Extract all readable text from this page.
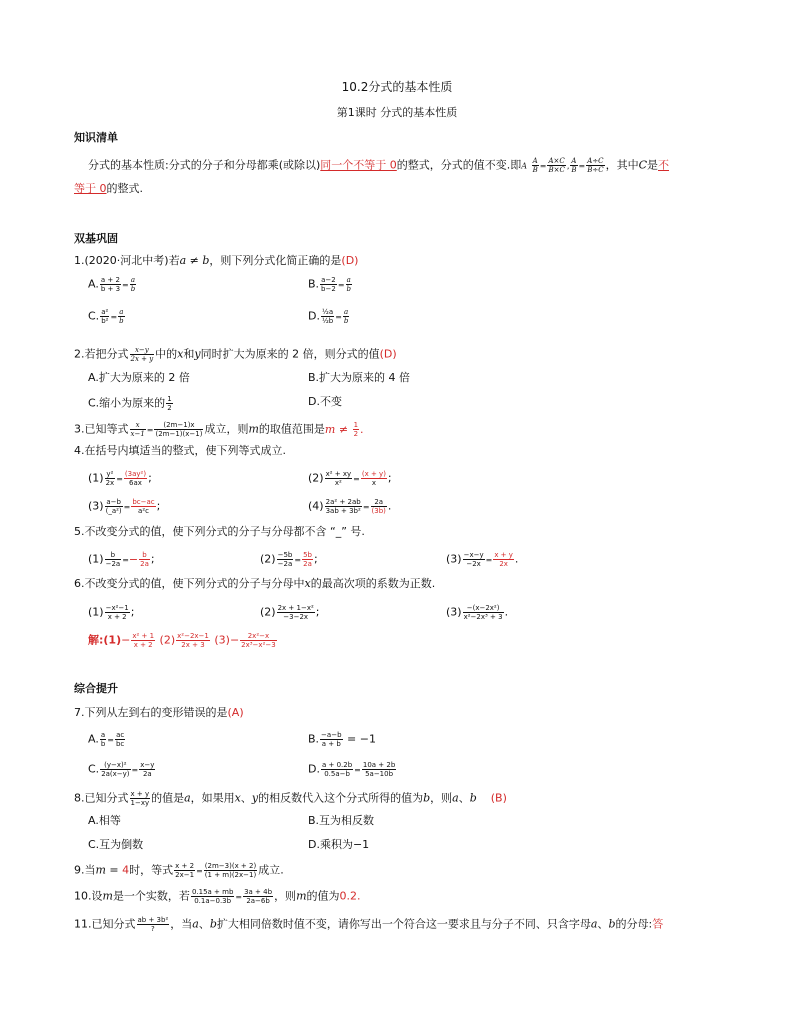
10.2分式的基本性质
第1课时 分式的基本性质
知识清单
分式的基本性质:分式的分子和分母都乘(或除以)同一个不等于 0的整式，分式的值不变.即A $\frac{A}{B} = \frac{A\times C}{B\times C}$ , $\frac{A}{B} = \frac{A\div C}{B\div C}$ ，其中C是不
等于 0的整式.
双基巩固
1.(2020·河北中考)若a ≠ b，则下列分式化简正确的是(D)
A. $\frac{a + 2}{b + 3} = \frac{a}{b}$	B. $\frac{a-2}{b-2} = \frac{a}{b}$
C. $\frac{\text{a²}}{\text{b²}} = \frac{a}{b}$	D. $\frac{\text{½a}}{\text{½b}} = \frac{a}{b}$
2.若把分式 $\frac{x-y}{2x + y}$ 中的x和y同时扩大为原来的 2 倍，则分式的值(D)
A.扩大为原来的 2 倍	B.扩大为原来的 4 倍
C.缩小为原来的 $\frac{1}{2}$	D.不变
3.已知等式 $\frac{x}{x-1} = \frac{(2m-1)x}{(2m-1)(x-1)}$ 成立，则m的取值范围是$m \ne \frac{1}{2}$ .
4.在括号内填适当的整式，使下列等式成立.
$(1) \frac{\text{y²}}{2x} = \frac{\text{(3ay²)}}{6ax}$ ;	$(2) \frac{\text{x² + xy}}{\text{x²}} = \frac{(x + y)}{x}$ ;
$(3) \frac{a-b}{\text{(\_a²)}} = \frac{bc-ac}{\text{a²c}}$ ;	$(4) \frac{\text{2a² + 2ab}}{\text{3ab + 3b²}} = \frac{2a}{(3b)}$ .
5.不改变分式的值，使下列分式的分子与分母都不含 “_” 号.
$(1) \frac{b}{-2a} =- \frac{b}{2a}$ ;	$(2) \frac{-5b}{-2a} = \frac{5b}{2a}$ ;	$(3) \frac{-x-y}{-2x} = \frac{x + y}{2x}$ .
6.不改变分式的值，使下列分式的分子与分母中x的最高次项的系数为正数.
$(1) \frac{\text{−x²−1}}{x + 2}$ ;	$(2) \frac{\text{2x + 1−x²}}{-3-2x}$ ;	$(3) \frac{\text{−(x−2x²)}}{\text{x²−2x³ + 3}}$ .
解:(1)− $\frac{\text{x² + 1}}{x + 2} (2) \frac{\text{x²−2x−1}}{2x + 3} (3)- \frac{\text{2x²−x}}{\text{2x³−x²−3}}$
综合提升
7.下列从左到右的变形错误的是(A)
A. $\frac{a}{b} = \frac{ac}{bc}$	B. $\frac{-a-b}{a + b} = -1$
C. $\frac{\text{(y−x)²}}{2a(x-y)} = \frac{x-y}{2a}$	D. $\frac{a + 0.2b}{0.5a-b} = \frac{10a + 2b}{5a-10b}$
8.已知分式 $\frac{x + y}{1-xy}$ 的值是a，如果用x、y的相反数代入这个分式所得的值为b，则a、b (B)
A.相等	B.互为相反数
C.互为倒数	D.乘积为−1
9.当m = 4时，等式 $\frac{x + 2}{2x-1} = \frac{(2m-3)(x + 2)}{(1 + m)(2x-1)}$ 成立.
10.设m是一个实数，若 $\frac{0.15a + mb}{0.1a-0.3b} = \frac{3a + 4b}{2a-6b}$ ，则m的值为0.2.
11.已知分式 $\frac{\text{ab + 3b²}}{?}$ ，当a、b扩大相同倍数时值不变，请你写出一个符合这一要求且与分子不同、只含字母a、b的分母:答
